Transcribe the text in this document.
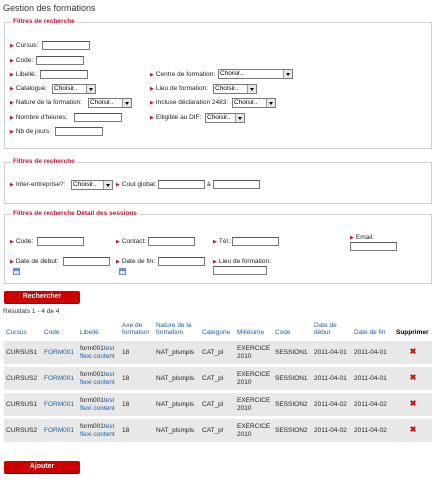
Gestion des formations
Filtres de recherche
▶ Cursus:
▶ Code:
▶ Libellé:	▶ Centre de formation: Choisir..
▶ Catalogue:	Choisir..	▶ Lieu de formation:	Choisir..
▶ Nature de la formation:	Choisir..	▶ Incluse déclaration 2483: Choisir..
▶ Nombre d'heures:	▶ Elligible au DIF: Choisir..
▶ Nb de jours:
Filtres de recherche
▶ Inter-entreprise?:	Choisir..	▶ Cout global:	à
Filtres de recherche Détail des sessions
▶ Code:	▶ Contact:	▶ Tél.:	▶ Email:
▶ Date de début:	▶ Date de fin:	▶ Lieu de formation:
Rechercher
Résultats 1 - 4 de 4
Cursus	Code	Libellé	Axe de formation	Nature de la formation	Categorie	Millésime	Code	Date de début	Date de fin	Supprimer

CURSUS1	FORM001	form001test flexi content	18	NAT_plsmpls	CAT_pl	EXERCICE 2010	SESSION1	2011-04-01	2011-04-01	✖

CURSUS2	FORM001	form001test flexi content	18	NAT_plsmpls	CAT_pl	EXERCICE 2010	SESSION1	2011-04-01	2011-04-01	✖

CURSUS1	FORM001	form001test flexi content	18	NAT_plsmpls	CAT_pl	EXERCICE 2010	SESSION2	2011-04-02	2011-04-02	✖

CURSUS2	FORM001	form001test flexi content	18	NAT_plsmpls	CAT_pl	EXERCICE 2010	SESSION2	2011-04-02	2011-04-02	✖
Ajouter
